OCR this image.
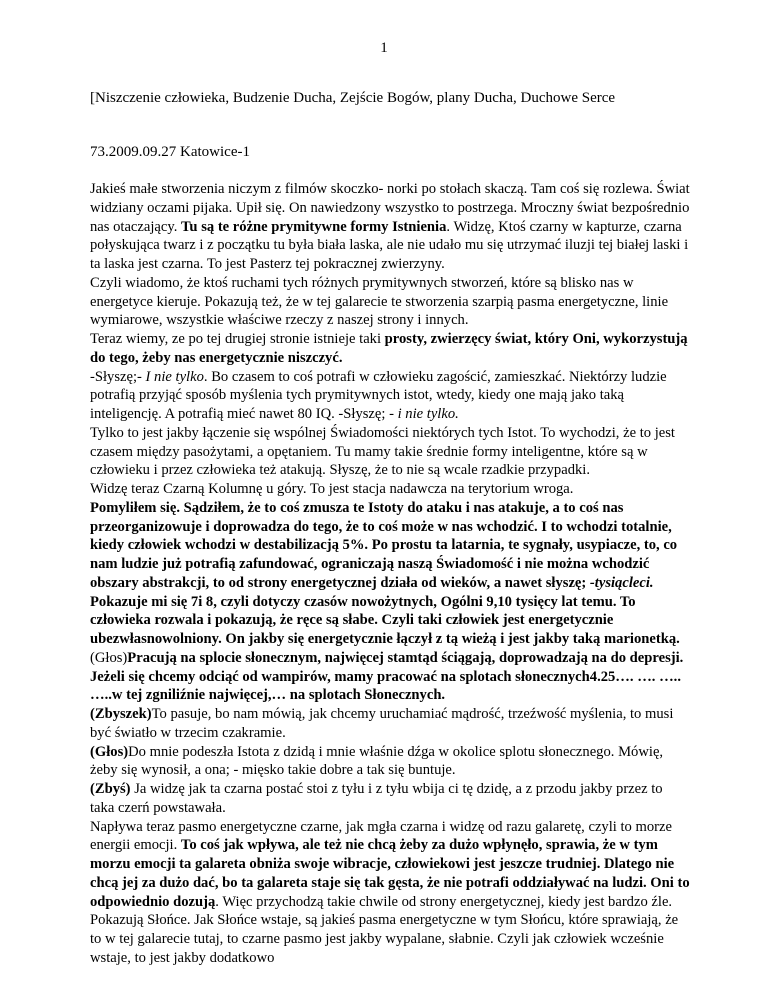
1
[Niszczenie człowieka, Budzenie Ducha, Zejście Bogów, plany Ducha, Duchowe Serce
73.2009.09.27 Katowice-1

Jakieś małe stworzenia niczym z filmów skoczko- norki po stołach skaczą. Tam coś się rozlewa. Świat widziany oczami pijaka. Upił się. On nawiedzony wszystko to postrzega. Mroczny świat bezpośrednio nas otaczający. Tu są te różne prymitywne formy Istnienia. Widzę, Ktoś czarny w kapturze, czarna połyskująca twarz i z początku tu była biała laska, ale nie udało mu się utrzymać iluzji tej białej laski i ta laska jest czarna. To jest Pasterz tej pokracznej zwierzyny.

Czyli wiadomo, że ktoś ruchami tych różnych prymitywnych stworzeń, które są blisko nas w energetyce kieruje. Pokazują też, że w tej galarecie te stworzenia szarpią pasma energetyczne, linie wymiarowe, wszystkie właściwe rzeczy z naszej strony i innych.

Teraz wiemy, ze po tej drugiej stronie istnieje taki prosty, zwierzęcy świat, który Oni, wykorzystują do tego, żeby nas energetycznie niszczyć.

-Słyszę;- I nie tylko. Bo czasem to coś potrafi w człowieku zagościć, zamieszkać. Niektórzy ludzie potrafią przyjąć sposób myślenia tych prymitywnych istot, wtedy, kiedy one mają jako taką inteligencję. A potrafią mieć nawet 80 IQ. -Słyszę; - i nie tylko.

Tylko to jest jakby łączenie się wspólnej Świadomości niektórych tych Istot. To wychodzi, że to jest czasem między pasożytami, a opętaniem. Tu mamy takie średnie formy inteligentne, które są w człowieku i przez człowieka też atakują. Słyszę, że to nie są wcale rzadkie przypadki.

Widzę teraz Czarną Kolumnę u góry. To jest stacja nadawcza na terytorium wroga.

Pomyliłem się. Sądziłem, że to coś zmusza te Istoty do ataku i nas atakuje, a to coś nas przeorganizowuje i doprowadza do tego, że to coś może w nas wchodzić. I to wchodzi totalnie, kiedy człowiek wchodzi w destabilizacją 5%. Po prostu ta latarnia, te sygnały, usypiacze, to, co nam ludzie już potrafią zafundować, ograniczają naszą Świadomość i nie można wchodzić obszary abstrakcji, to od strony energetycznej działa od wieków, a nawet słyszę; -tysiącleci. Pokazuje mi się 7i 8, czyli dotyczy czasów nowożytnych, Ogólni 9,10 tysięcy lat temu. To człowieka rozwala i pokazują, że ręce są słabe. Czyli taki człowiek jest energetycznie ubezwłasnowolniony. On jakby się energetycznie łączył z tą wieżą i jest jakby taką marionetką.

(Głos)Pracują na splocie słonecznym, najwięcej stamtąd ściągają, doprowadzają na do depresji. Jeżeli się chcemy odciąć od wampirów, mamy pracować na splotach słonecznych4.25…. …. ….. …..w tej zgniliźnie najwięcej,… na splotach Słonecznych.

(Zbyszek)To pasuje, bo nam mówią, jak chcemy uruchamiać mądrość, trzeźwość myślenia, to musi być światło w trzecim czakramie.

(Głos)Do mnie podeszła Istota z dzidą i mnie właśnie dźga w okolice splotu słonecznego. Mówię, żeby się wynosił, a ona; - mięsko takie dobre a tak się buntuje.

(Zbyś) Ja widzę jak ta czarna postać stoi z tyłu i z tyłu wbija ci tę dzidę, a z przodu jakby przez to taka czerń powstawała.

Napływa teraz pasmo energetyczne czarne, jak mgła czarna i widzę od razu galaretę, czyli to morze energii emocji. To coś jak wpływa, ale też nie chcą żeby za dużo wpłynęło, sprawia, że w tym morzu emocji ta galareta obniża swoje wibracje, człowiekowi jest jeszcze trudniej. Dlatego nie chcą jej za dużo dać, bo ta galareta staje się tak gęsta, że nie potrafi oddziaływać na ludzi. Oni to odpowiednio dozują. Więc przychodzą takie chwile od strony energetycznej, kiedy jest bardzo źle. Pokazują Słońce. Jak Słońce wstaje, są jakieś pasma energetyczne w tym Słońcu, które sprawiają, że to w tej galarecie tutaj, to czarne pasmo jest jakby wypalane, słabnie. Czyli jak człowiek wcześnie wstaje, to jest jakby dodatkowo
